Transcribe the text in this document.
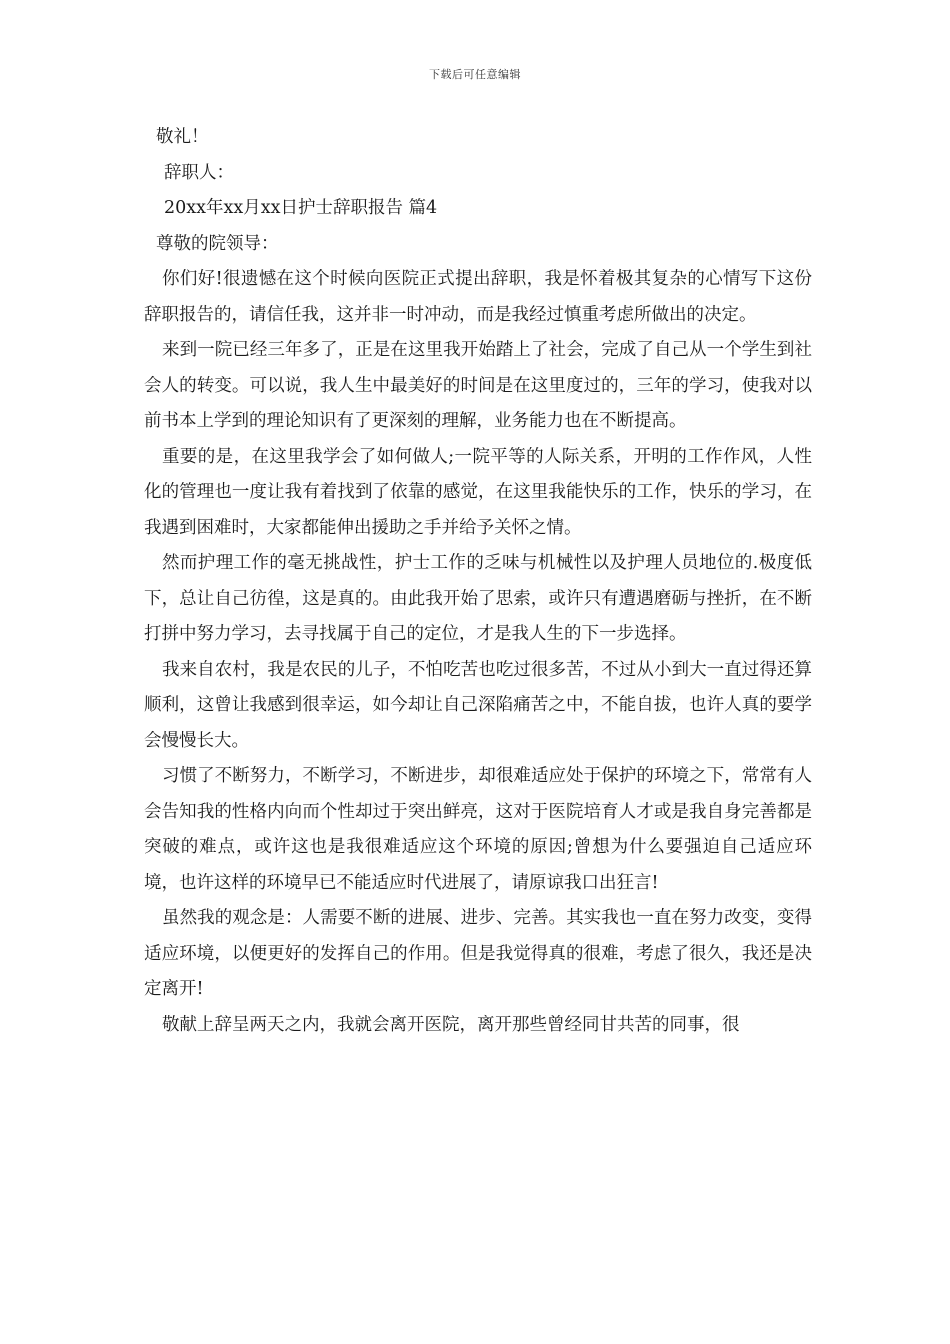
下载后可任意编辑
敬礼！
辞职人：
20xx年xx月xx日护士辞职报告 篇4
尊敬的院领导：

你们好!很遗憾在这个时候向医院正式提出辞职，我是怀着极其复杂的心情写下这份辞职报告的，请信任我，这并非一时冲动，而是我经过慎重考虑所做出的决定。

来到一院已经三年多了，正是在这里我开始踏上了社会，完成了自己从一个学生到社会人的转变。可以说，我人生中最美好的时间是在这里度过的，三年的学习，使我对以前书本上学到的理论知识有了更深刻的理解，业务能力也在不断提高。

重要的是，在这里我学会了如何做人;一院平等的人际关系，开明的工作作风，人性化的管理也一度让我有着找到了依靠的感觉，在这里我能快乐的工作，快乐的学习，在我遇到困难时，大家都能伸出援助之手并给予关怀之情。

然而护理工作的毫无挑战性，护士工作的乏味与机械性以及护理人员地位的.极度低下，总让自己彷徨，这是真的。由此我开始了思索，或许只有遭遇磨砺与挫折，在不断打拼中努力学习，去寻找属于自己的定位，才是我人生的下一步选择。

我来自农村，我是农民的儿子，不怕吃苦也吃过很多苦，不过从小到大一直过得还算顺利，这曾让我感到很幸运，如今却让自己深陷痛苦之中，不能自拔，也许人真的要学会慢慢长大。

习惯了不断努力，不断学习，不断进步，却很难适应处于保护的环境之下，常常有人会告知我的性格内向而个性却过于突出鲜亮，这对于医院培育人才或是我自身完善都是突破的难点，或许这也是我很难适应这个环境的原因;曾想为什么要强迫自己适应环境，也许这样的环境早已不能适应时代进展了，请原谅我口出狂言!

虽然我的观念是：人需要不断的进展、进步、完善。其实我也一直在努力改变，变得适应环境，以便更好的发挥自己的作用。但是我觉得真的很难，考虑了很久，我还是决定离开!

敬献上辞呈两天之内，我就会离开医院，离开那些曾经同甘共苦的同事，很
